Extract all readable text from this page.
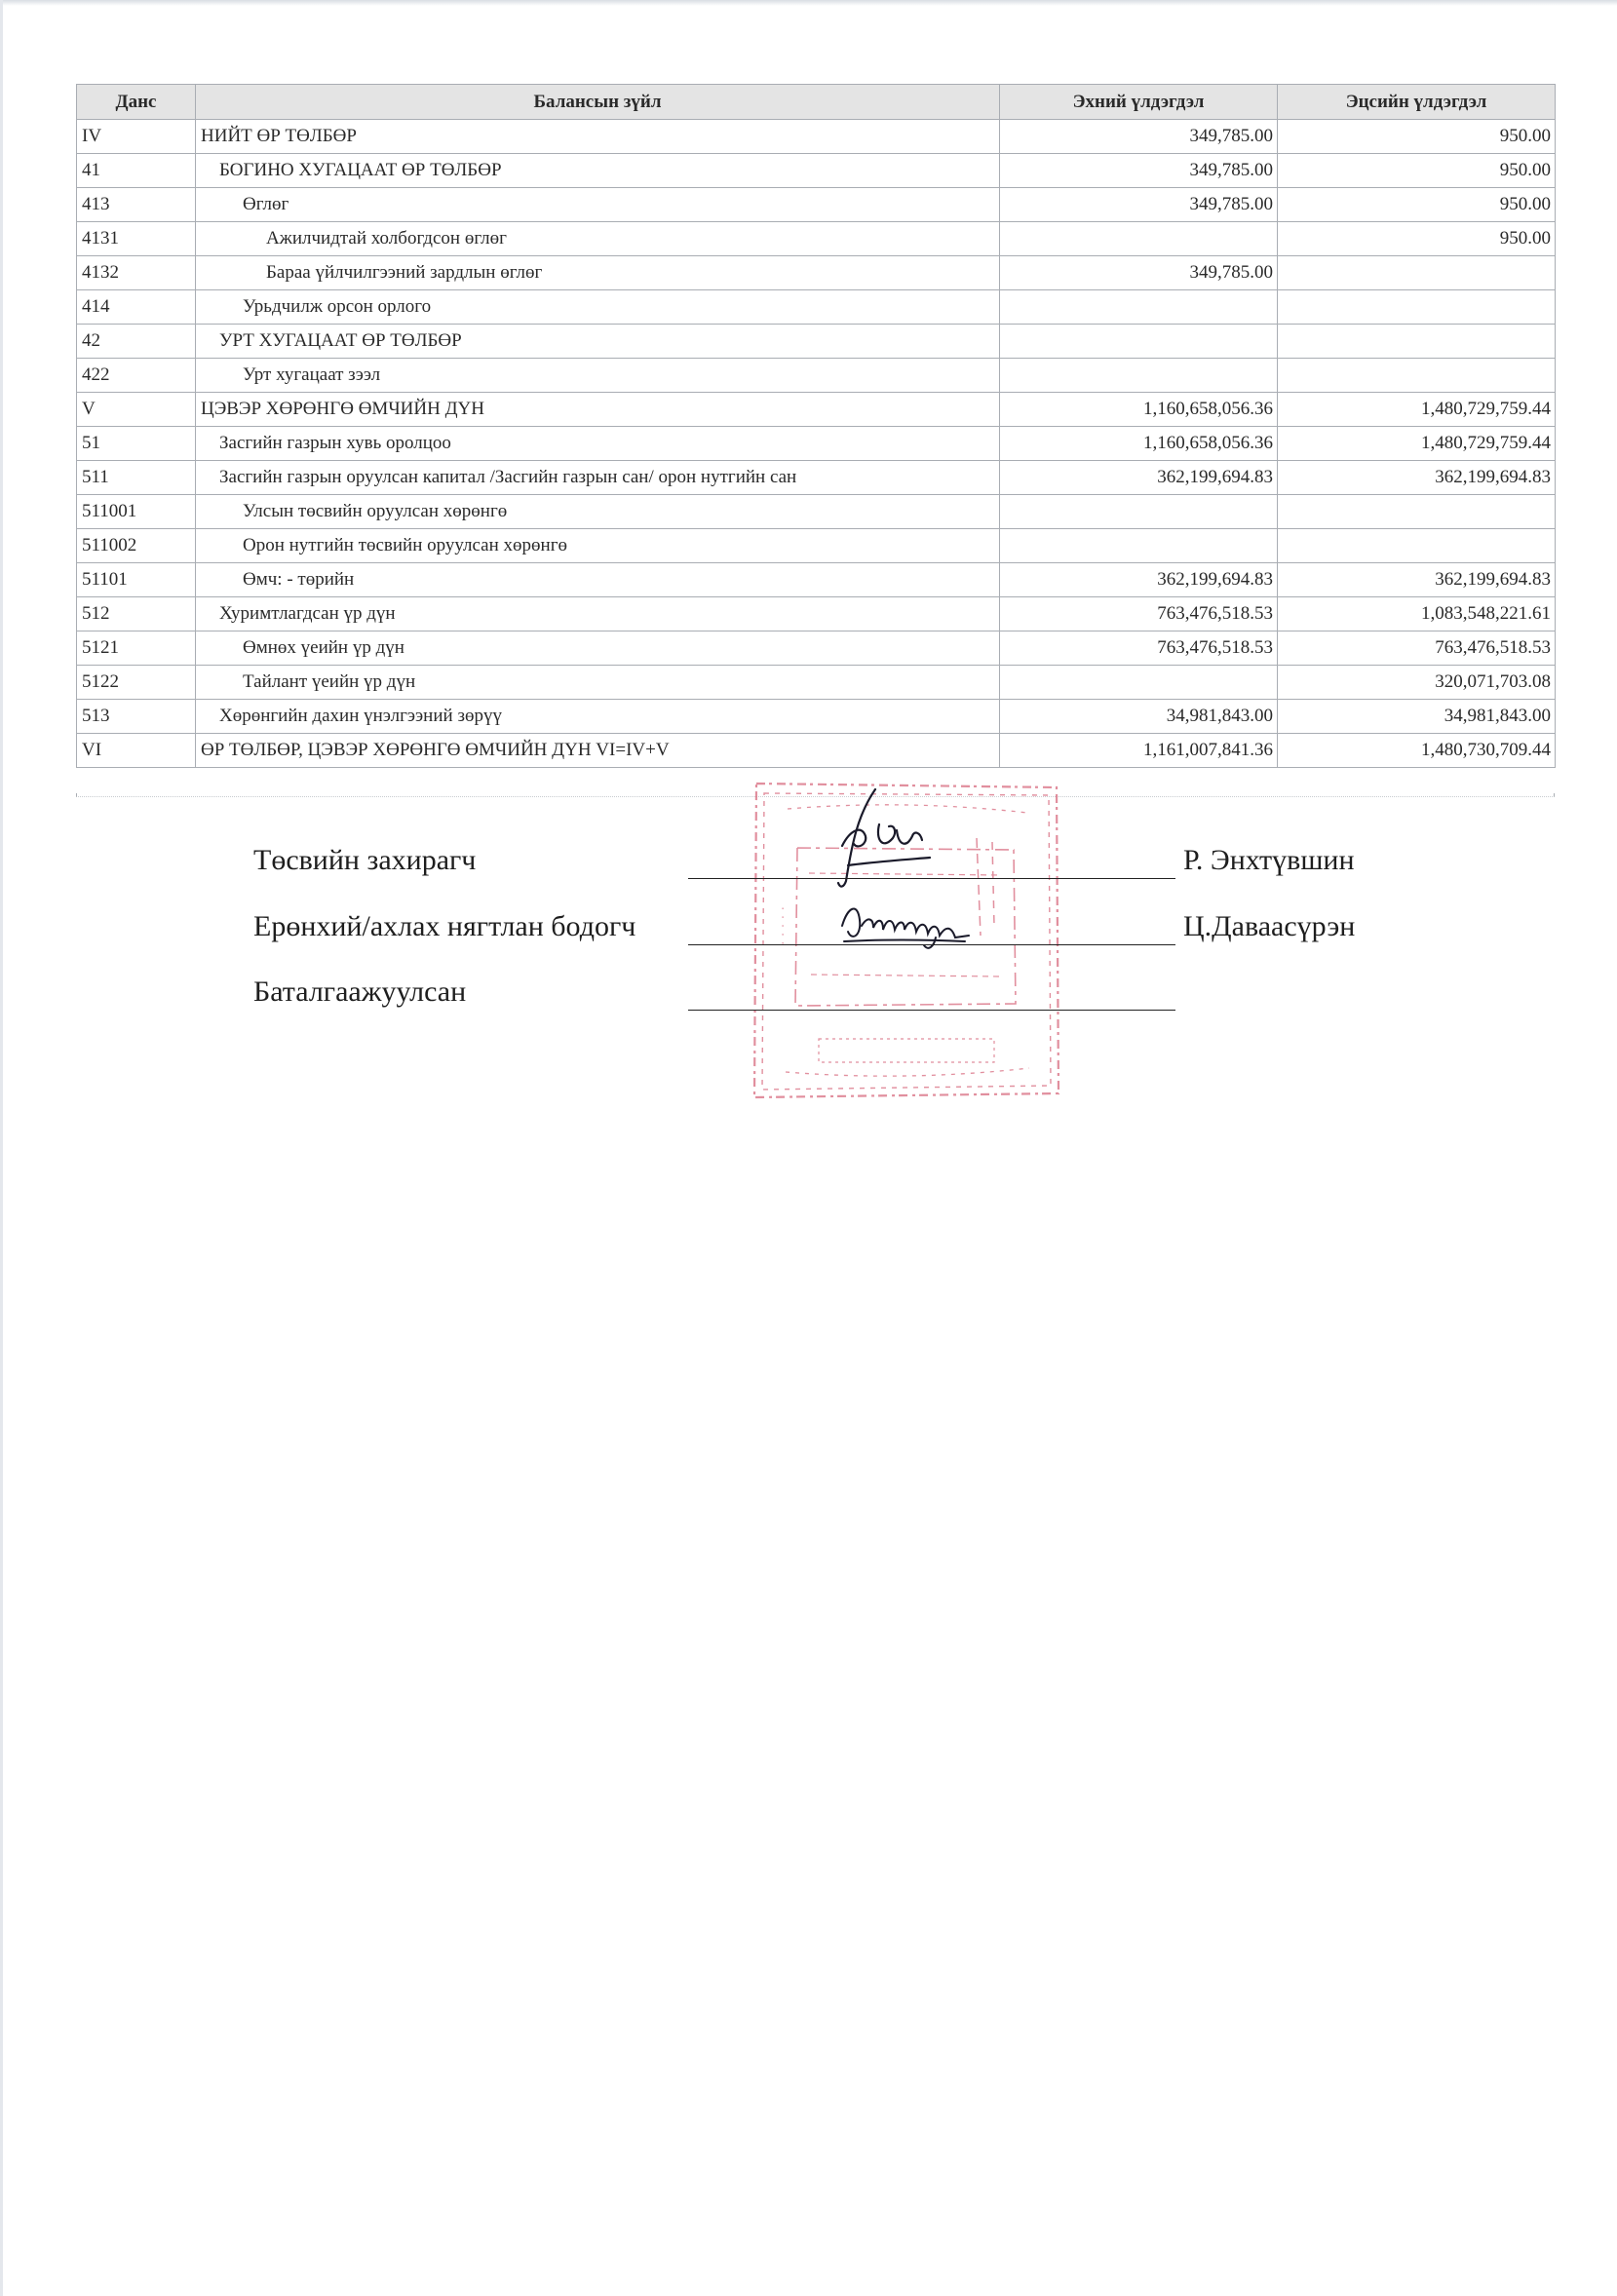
Данс	Балансын зүйл	Эхний үлдэгдэл	Эцсийн үлдэгдэл
IV	НИЙТ ӨР ТӨЛБӨР	349,785.00	950.00
41	БОГИНО ХУГАЦААТ ӨР ТӨЛБӨР	349,785.00	950.00
413	Өглөг	349,785.00	950.00
4131	Ажилчидтай холбогдсон өглөг		950.00
4132	Бараа үйлчилгээний зардлын өглөг	349,785.00	
414	Урьдчилж орсон орлого		
42	УРТ ХУГАЦААТ ӨР ТӨЛБӨР		
422	Урт хугацаат зээл		
V	ЦЭВЭР ХӨРӨНГӨ ӨМЧИЙН ДҮН	1,160,658,056.36	1,480,729,759.44
51	Засгийн газрын хувь оролцоо	1,160,658,056.36	1,480,729,759.44
511	Засгийн газрын оруулсан капитал /Засгийн газрын сан/ орон нутгийн сан	362,199,694.83	362,199,694.83
511001	Улсын төсвийн оруулсан хөрөнгө		
511002	Орон нутгийн төсвийн оруулсан хөрөнгө		
51101	Өмч: - төрийн	362,199,694.83	362,199,694.83
512	Хуримтлагдсан үр дүн	763,476,518.53	1,083,548,221.61
5121	Өмнөх үеийн үр дүн	763,476,518.53	763,476,518.53
5122	Тайлант үеийн үр дүн		320,071,703.08
513	Хөрөнгийн дахин үнэлгээний зөрүү	34,981,843.00	34,981,843.00
VI	ӨР ТӨЛБӨР, ЦЭВЭР ХӨРӨНГӨ ӨМЧИЙН ДҮН VI=IV+V	1,161,007,841.36	1,480,730,709.44
. . . . .
Төсвийн захирагч	Р. Энхтүвшин
Ерөнхий/ахлах нягтлан бодогч	Ц.Даваасүрэн
Баталгаажуулсан
